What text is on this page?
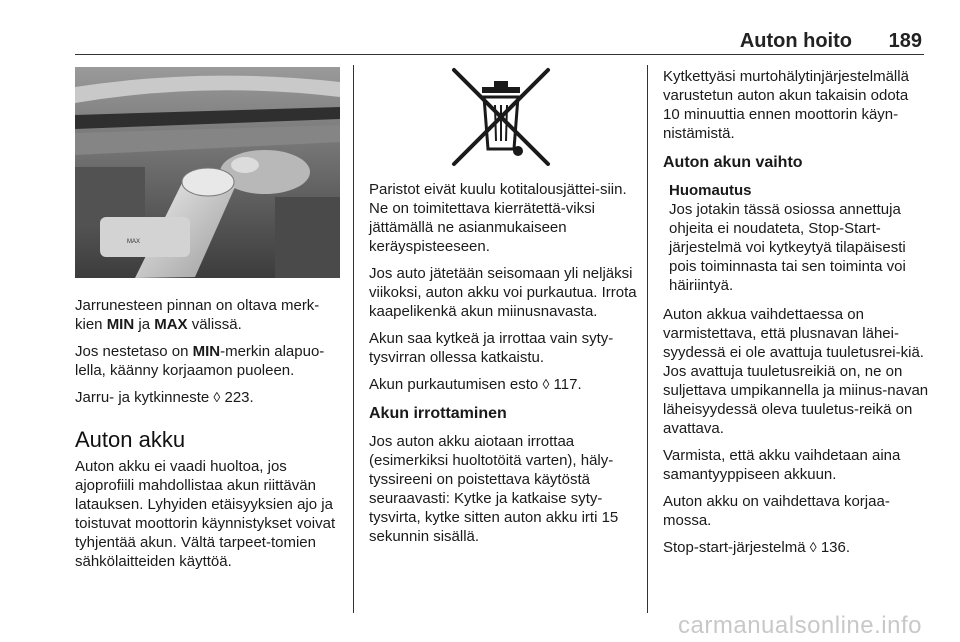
Auton hoito 189
MAX

Jarrunesteen pinnan on oltava merk-kien MIN ja MAX välissä.

Jos nestetaso on MIN-merkin alapuo-lella, käänny korjaamon puoleen.

Jarru- ja kytkinneste ◊ 223.

Auton akku

Auton akku ei vaadi huoltoa, jos ajoprofiili mahdollistaa akun riittävän latauksen. Lyhyiden etäisyyksien ajo ja toistuvat moottorin käynnistykset voivat tyhjentää akun. Vältä tarpeet-tomien sähkölaitteiden käyttöä.

Paristot eivät kuulu kotitalousjättei-siin. Ne on toimitettava kierrätettä-viksi jättämällä ne asianmukaiseen keräyspisteeseen.

Jos auto jätetään seisomaan yli neljäksi viikoksi, auton akku voi purkautua. Irrota kaapelikenkä akun miinusnavasta.

Akun saa kytkeä ja irrottaa vain syty-tysvirran ollessa katkaistu.

Akun purkautumisen esto ◊ 117.

Akun irrottaminen

Jos auton akku aiotaan irrottaa (esimerkiksi huoltotöitä varten), häly-tyssireeni on poistettava käytöstä seuraavasti: Kytke ja katkaise syty-tysvirta, kytke sitten auton akku irti 15 sekunnin sisällä.

Kytkettyäsi murtohälytinjärjestelmällä varustetun auton akun takaisin odota 10 minuuttia ennen moottorin käyn-nistämistä.

Auton akun vaihto
Huomautus
Jos jotakin tässä osiossa annettuja ohjeita ei noudateta, Stop-Start-järjestelmä voi kytkeytyä tilapäisesti pois toiminnasta tai sen toiminta voi häiriintyä.

Auton akkua vaihdettaessa on varmistettava, että plusnavan lähei-syydessä ei ole avattuja tuuletusrei-kiä. Jos avattuja tuuletusreikiä on, ne on suljettava umpikannella ja miinus-navan läheisyydessä oleva tuuletus-reikä on avattava.

Varmista, että akku vaihdetaan aina samantyyppiseen akkuun.

Auton akku on vaihdettava korjaa-mossa.

Stop-start-järjestelmä ◊ 136.

carmanualsonline.info
